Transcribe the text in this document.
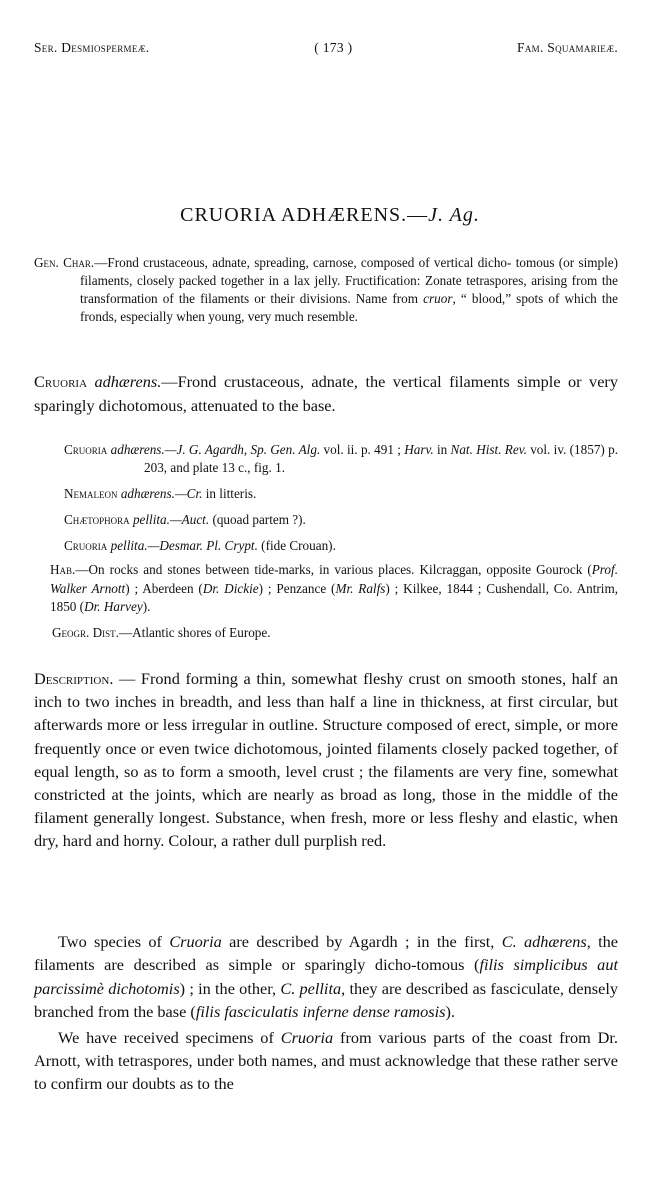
Ser. Desmiospermeæ.	( 173 )	Fam. Squamarieæ.
CRUORIA ADHÆRENS.—J. Ag.

Gen. Char.—Frond crustaceous, adnate, spreading, carnose, composed of vertical dicho- tomous (or simple) filaments, closely packed together in a lax jelly. Fructification: Zonate tetraspores, arising from the transformation of the filaments or their divisions. Name from cruor, “ blood,” spots of which the fronds, especially when young, very much resemble.

Cruoria adhærens.—Frond crustaceous, adnate, the vertical filaments simple or very sparingly dichotomous, attenuated to the base.

Cruoria adhærens.—J. G. Agardh, Sp. Gen. Alg. vol. ii. p. 491 ; Harv. in Nat. Hist. Rev. vol. iv. (1857) p. 203, and plate 13 c., fig. 1.

Nemaleon adhærens.—Cr. in litteris.

Chætophora pellita.—Auct. (quoad partem ?).

Cruoria pellita.—Desmar. Pl. Crypt. (fide Crouan).

Hab.—On rocks and stones between tide-marks, in various places. Kilcraggan, opposite Gourock (Prof. Walker Arnott) ; Aberdeen (Dr. Dickie) ; Penzance (Mr. Ralfs) ; Kilkee, 1844 ; Cushendall, Co. Antrim, 1850 (Dr. Harvey).

Geogr. Dist.—Atlantic shores of Europe.

Description. — Frond forming a thin, somewhat fleshy crust on smooth stones, half an inch to two inches in breadth, and less than half a line in thickness, at first circular, but afterwards more or less irregular in outline. Structure composed of erect, simple, or more frequently once or even twice dichotomous, jointed filaments closely packed together, of equal length, so as to form a smooth, level crust ; the filaments are very fine, somewhat constricted at the joints, which are nearly as broad as long, those in the middle of the filament generally longest. Substance, when fresh, more or less fleshy and elastic, when dry, hard and horny. Colour, a rather dull purplish red.

Two species of Cruoria are described by Agardh ; in the first, C. adhærens, the filaments are described as simple or sparingly dicho-tomous (filis simplicibus aut parcissimè dichotomis) ; in the other, C. pellita, they are described as fasciculate, densely branched from the base (filis fasciculatis inferne dense ramosis).

We have received specimens of Cruoria from various parts of the coast from Dr. Arnott, with tetraspores, under both names, and must acknowledge that these rather serve to confirm our doubts as to the
